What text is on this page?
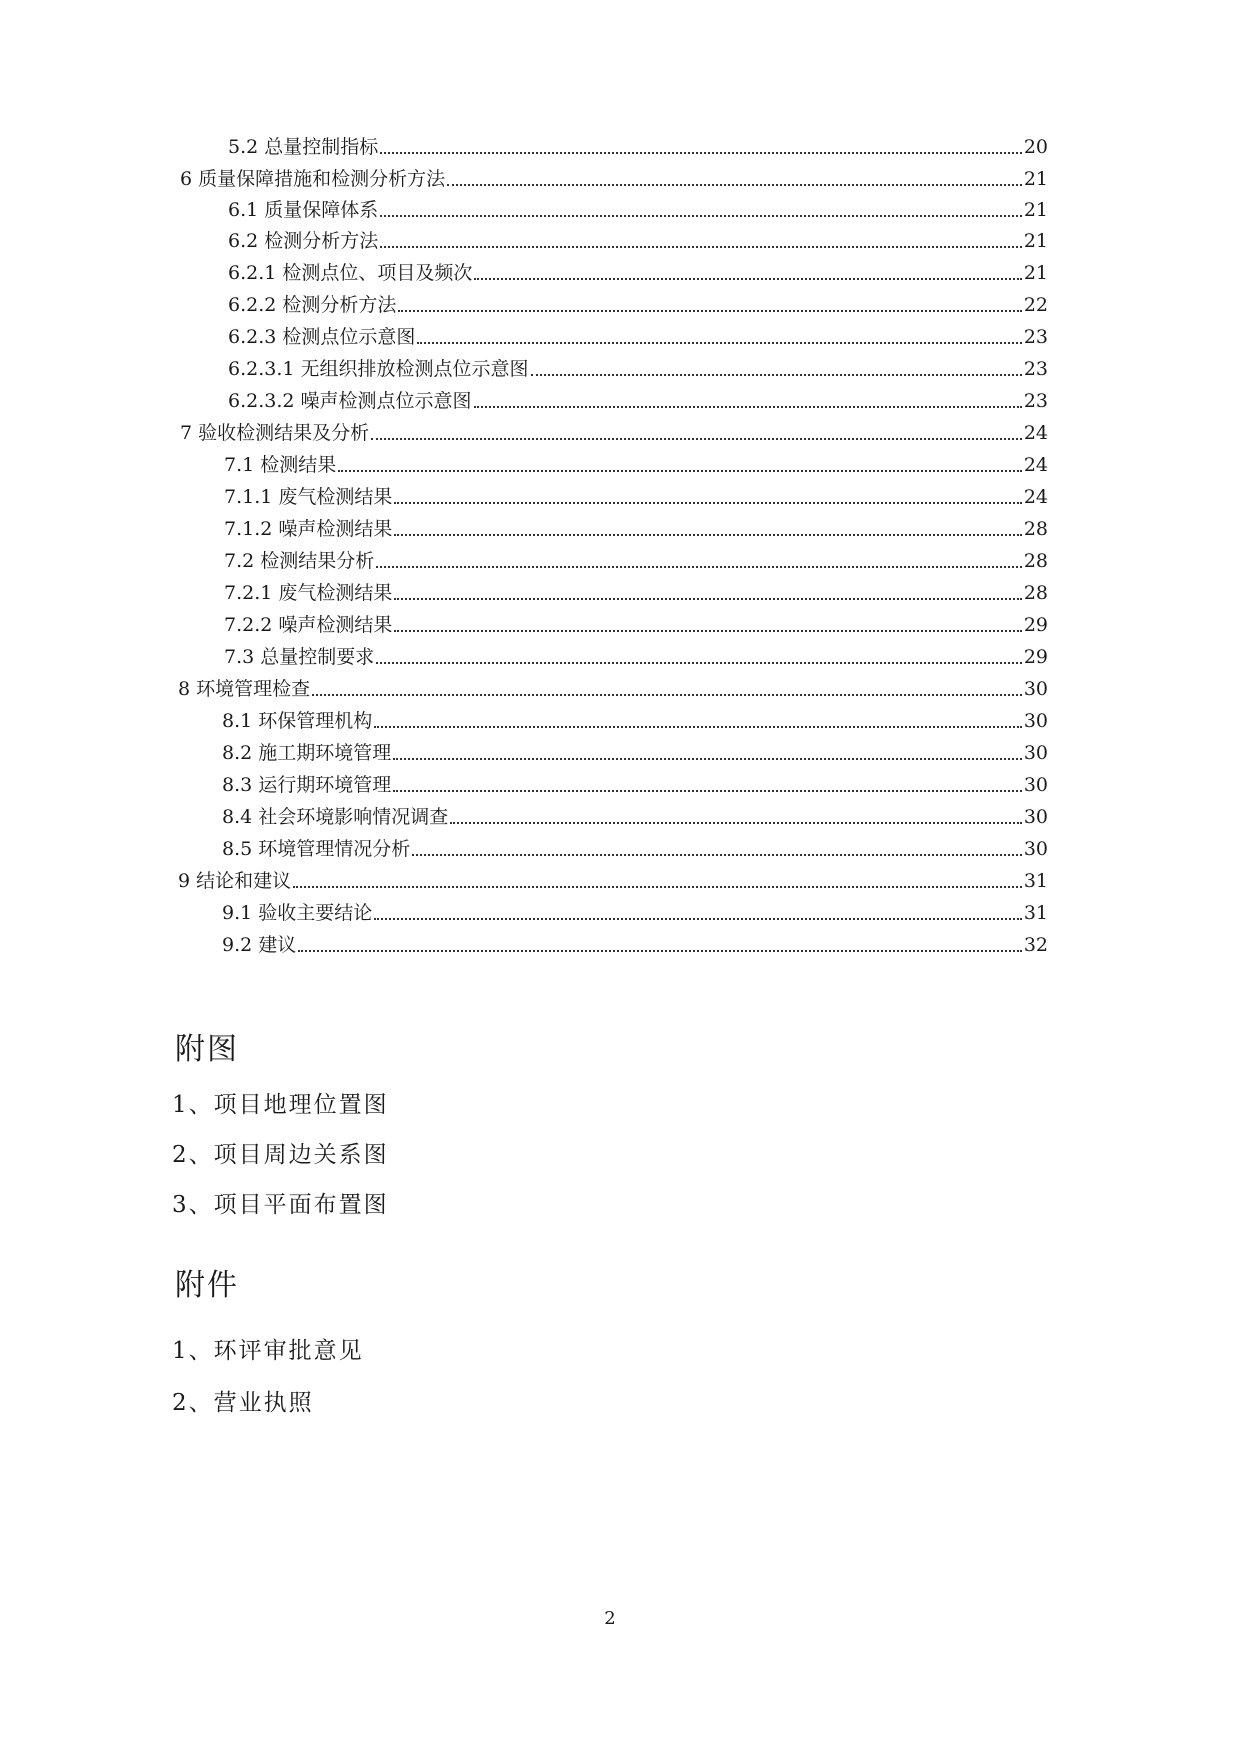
5.2 总量控制指标	20
6 质量保障措施和检测分析方法	21
6.1 质量保障体系	21
6.2 检测分析方法	21
6.2.1 检测点位、项目及频次	21
6.2.2 检测分析方法	22
6.2.3 检测点位示意图	23
6.2.3.1 无组织排放检测点位示意图	23
6.2.3.2 噪声检测点位示意图	23
7 验收检测结果及分析	24
7.1 检测结果	24
7.1.1 废气检测结果	24
7.1.2 噪声检测结果	28
7.2 检测结果分析	28
7.2.1 废气检测结果	28
7.2.2 噪声检测结果	29
7.3 总量控制要求	29
8 环境管理检查	30
8.1 环保管理机构	30
8.2 施工期环境管理	30
8.3 运行期环境管理	30
8.4 社会环境影响情况调查	30
8.5 环境管理情况分析	30
9 结论和建议	31
9.1 验收主要结论	31
9.2 建议	32
附图
1、项目地理位置图
2、项目周边关系图
3、项目平面布置图
附件
1、环评审批意见
2、营业执照
2
